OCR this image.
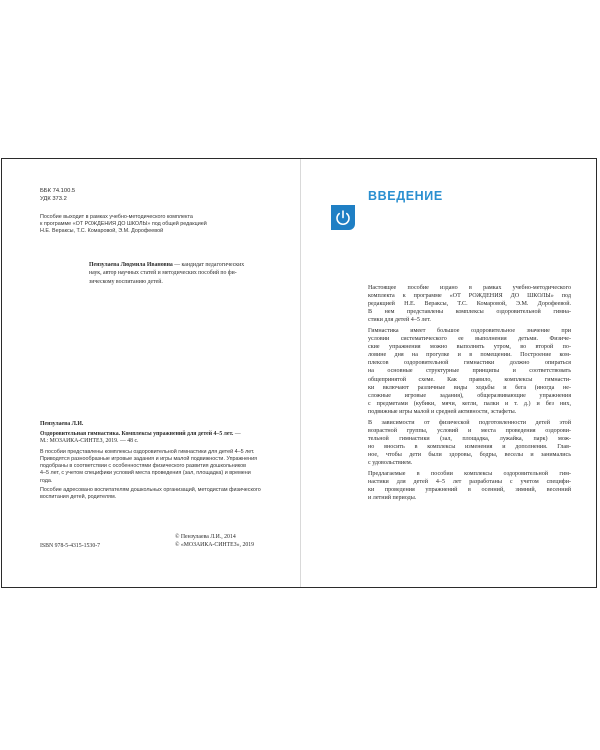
ББК 74.100.5
УДК 373.2
Пособие выходит в рамках учебно-методического комплекта
к программе «ОТ РОЖДЕНИЯ ДО ШКОЛЫ» под общей редакцией
Н.Е. Вераксы, Т.С. Комаровой, Э.М. Дорофеевой
Пензулаева Людмила Ивановна — кандидат педагогических
наук, автор научных статей и методических пособий по фи-
зическому воспитанию детей.
Пензулаева Л.И.
Оздоровительная гимнастика. Комплексы упражнений для детей 4–5 лет. —
М.: МОЗАИКА-СИНТЕЗ, 2019. — 48 с.
В пособии представлены комплексы оздоровительной гимнастики для детей 4–5 лет.
Приводятся разнообразные игровые задания и игры малой подвижности. Упражнения
подобраны в соответствии с особенностями физического развития дошкольников
4–5 лет, с учетом специфики условий места проведения (зал, площадка) и времени
года.
Пособие адресовано воспитателям дошкольных организаций, методистам физического
воспитания детей, родителям.
ISBN 978-5-4315-1530-7
© Пензулаева Л.И., 2014
© «МОЗАИКА-СИНТЕЗ», 2019
ВВЕДЕНИЕ
Настоящее пособие издано в рамках учебно-методического
комплекта к программе «ОТ РОЖДЕНИЯ ДО ШКОЛЫ» под
редакцией Н.Е. Вераксы, Т.С. Комаровой, Э.М. Дорофеевой.
В нем представлены комплексы оздоровительной гимна-
стики для детей 4–5 лет.
Гимнастика имеет большое оздоровительное значение при
условии систематического ее выполнения детьми. Физиче-
ские упражнения можно выполнять утром, во второй по-
ловине дня на прогулке и в помещении. Построение ком-
плексов оздоровительной гимнастики должно опираться
на основные структурные принципы и соответствовать
общепринятой схеме. Как правило, комплексы гимнасти-
ки включают различные виды ходьбы и бега (иногда не-
сложные игровые задания), общеразвивающие упражнения
с предметами (кубики, мячи, кегли, палки и т. д.) и без них,
подвижные игры малой и средней активности, эстафеты.
В зависимости от физической подготовленности детей этой
возрастной группы, условий и места проведения оздорови-
тельной гимнастики (зал, площадка, лужайка, парк) мож-
но вносить в комплексы изменения и дополнения. Глав-
ное, чтобы дети были здоровы, бодры, веселы и занимались
с удовольствием.
Предлагаемые в пособии комплексы оздоровительной гим-
настики для детей 4–5 лет разработаны с учетом специфи-
ки проведения упражнений в осенний, зимний, весенний
и летний периоды.
